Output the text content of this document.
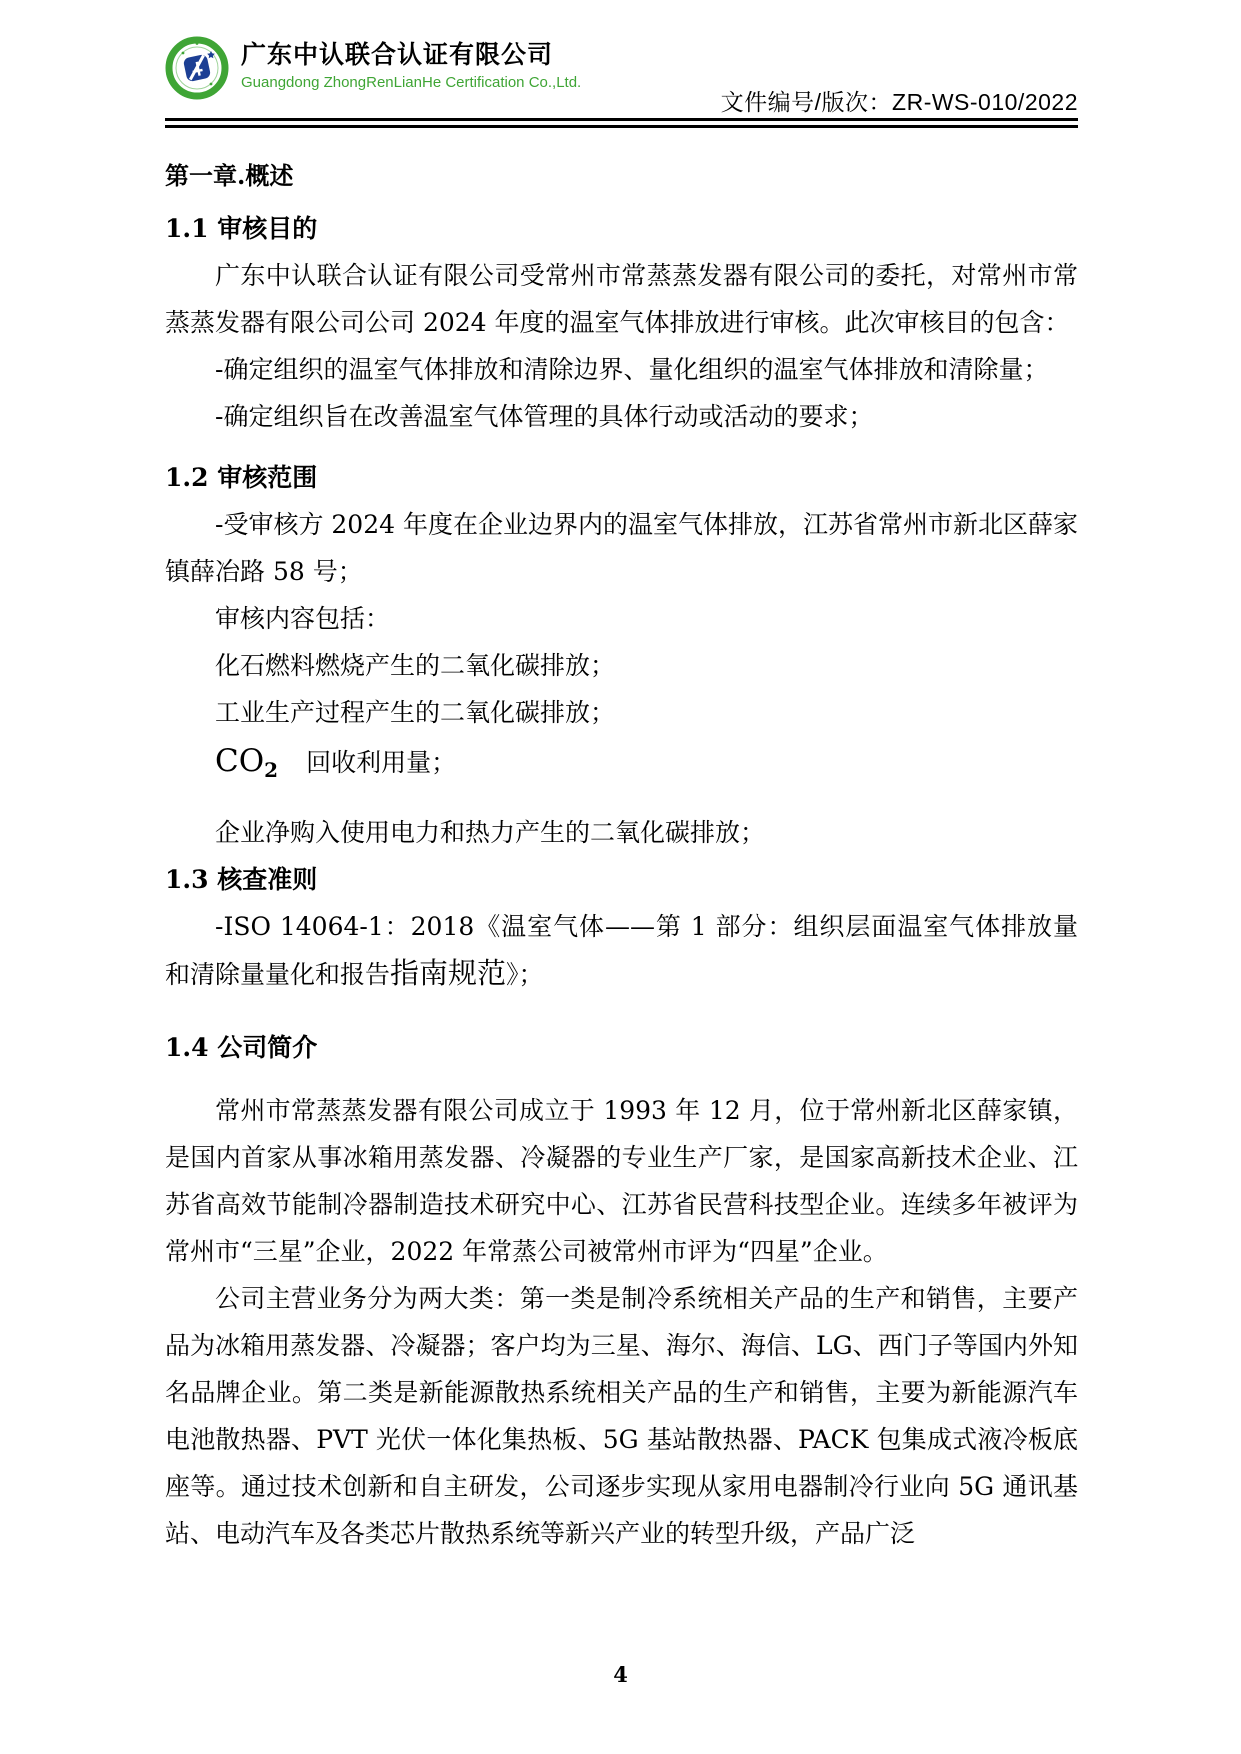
广东中认联合认证有限公司
Guangdong ZhongRenLianHe Certification Co.,Ltd.
文件编号/版次：ZR-WS-010/2022

第一章.概述

1.1 审核目的

广东中认联合认证有限公司受常州市常蒸蒸发器有限公司的委托，对常州市常蒸蒸发器有限公司公司 2024 年度的温室气体排放进行审核。此次审核目的包含：

-确定组织的温室气体排放和清除边界、量化组织的温室气体排放和清除量；

-确定组织旨在改善温室气体管理的具体行动或活动的要求；

1.2 审核范围

-受审核方 2024 年度在企业边界内的温室气体排放，江苏省常州市新北区薛家镇薛冶路 58 号；

审核内容包括：

化石燃料燃烧产生的二氧化碳排放；

工业生产过程产生的二氧化碳排放；

$CO_2$ 回收利用量；

企业净购入使用电力和热力产生的二氧化碳排放；

1.3 核查准则

-ISO 14064-1：2018《温室气体——第 1 部分：组织层面温室气体排放量和清除量量化和报告指南规范》；

1.4 公司简介

常州市常蒸蒸发器有限公司成立于 1993 年 12 月，位于常州新北区薛家镇，是国内首家从事冰箱用蒸发器、冷凝器的专业生产厂家，是国家高新技术企业、江苏省高效节能制冷器制造技术研究中心、江苏省民营科技型企业。连续多年被评为常州市“三星”企业，2022 年常蒸公司被常州市评为“四星”企业。

公司主营业务分为两大类：第一类是制冷系统相关产品的生产和销售，主要产品为冰箱用蒸发器、冷凝器；客户均为三星、海尔、海信、LG、西门子等国内外知名品牌企业。第二类是新能源散热系统相关产品的生产和销售，主要为新能源汽车电池散热器、PVT 光伏一体化集热板、5G 基站散热器、PACK 包集成式液冷板底座等。通过技术创新和自主研发，公司逐步实现从家用电器制冷行业向 5G 通讯基站、电动汽车及各类芯片散热系统等新兴产业的转型升级，产品广泛

4
